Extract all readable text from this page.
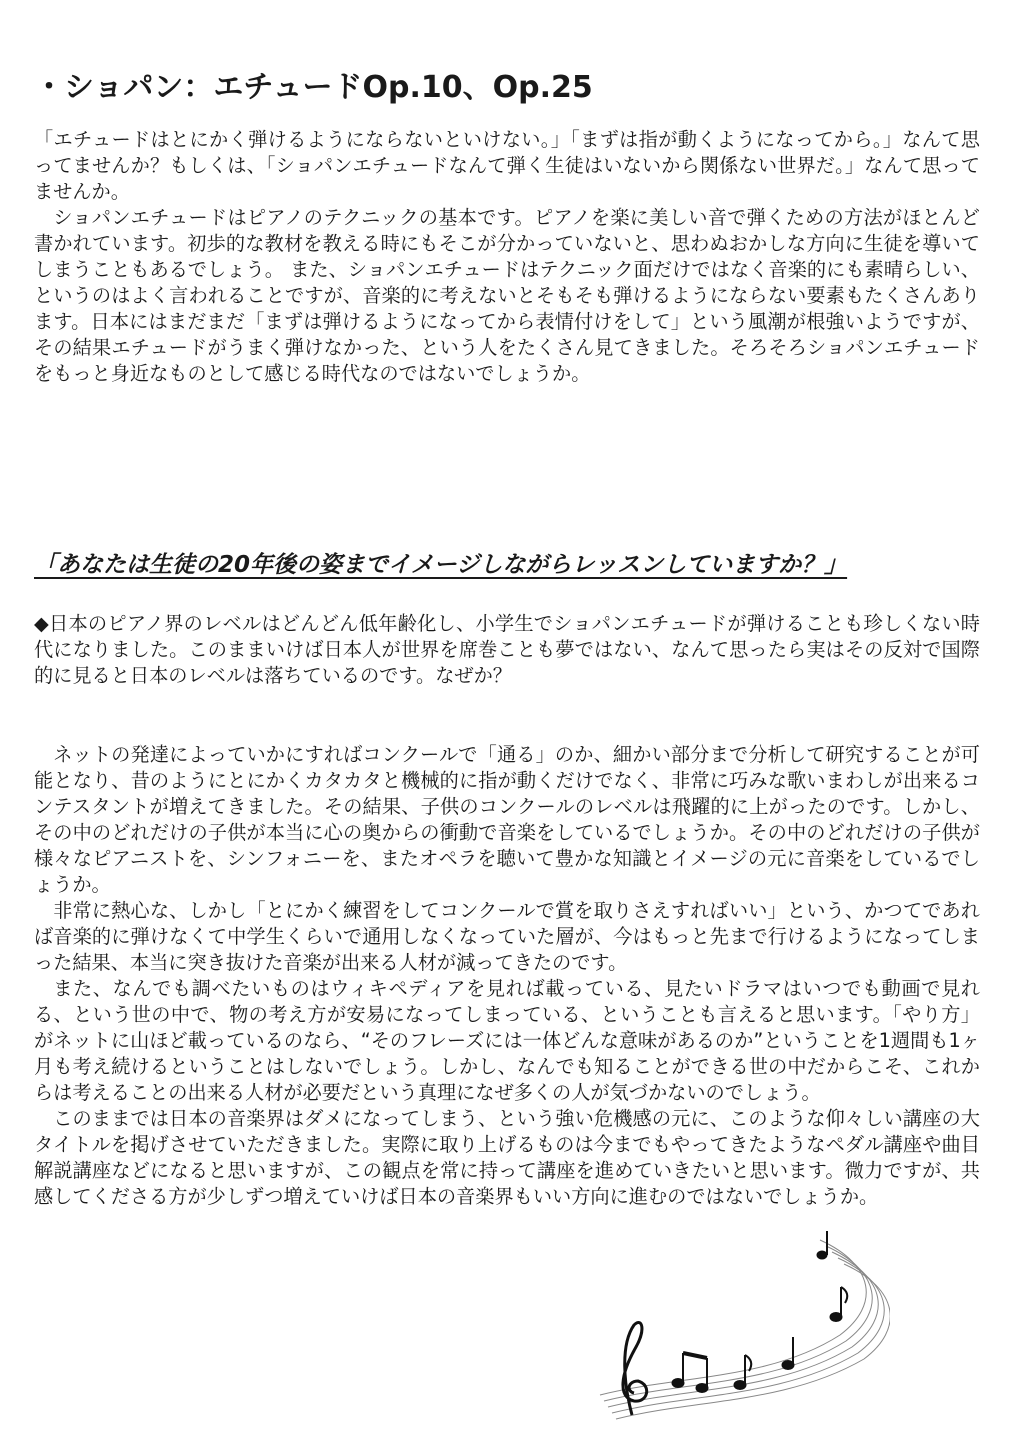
・ショパン：エチュードOp.10、Op.25

「エチュードはとにかく弾けるようにならないといけない。」「まずは指が動くようになってから。」なんて思ってませんか？もしくは、「ショパンエチュードなんて弾く生徒はいないから関係ない世界だ。」なんて思ってませんか。

ショパンエチュードはピアノのテクニックの基本です。ピアノを楽に美しい音で弾くための方法がほとんど書かれています。初歩的な教材を教える時にもそこが分かっていないと、思わぬおかしな方向に生徒を導いてしまうこともあるでしょう。 また、ショパンエチュードはテクニック面だけではなく音楽的にも素晴らしい、というのはよく言われることですが、音楽的に考えないとそもそも弾けるようにならない要素もたくさんあります。日本にはまだまだ「まずは弾けるようになってから表情付けをして」という風潮が根強いようですが、その結果エチュードがうまく弾けなかった、という人をたくさん見てきました。そろそろショパンエチュードをもっと身近なものとして感じる時代なのではないでしょうか。

「あなたは生徒の20年後の姿までイメージしながらレッスンしていますか？」

◆日本のピアノ界のレベルはどんどん低年齢化し、小学生でショパンエチュードが弾けることも珍しくない時代になりました。このままいけば日本人が世界を席巻ことも夢ではない、なんて思ったら実はその反対で国際的に見ると日本のレベルは落ちているのです。なぜか？

ネットの発達によっていかにすればコンクールで「通る」のか、細かい部分まで分析して研究することが可能となり、昔のようにとにかくカタカタと機械的に指が動くだけでなく、非常に巧みな歌いまわしが出来るコンテスタントが増えてきました。その結果、子供のコンクールのレベルは飛躍的に上がったのです。しかし、その中のどれだけの子供が本当に心の奥からの衝動で音楽をしているでしょうか。その中のどれだけの子供が様々なピアニストを、シンフォニーを、またオペラを聴いて豊かな知識とイメージの元に音楽をしているでしょうか。

非常に熱心な、しかし「とにかく練習をしてコンクールで賞を取りさえすればいい」という、かつてであれば音楽的に弾けなくて中学生くらいで通用しなくなっていた層が、今はもっと先まで行けるようになってしまった結果、本当に突き抜けた音楽が出来る人材が減ってきたのです。

また、なんでも調べたいものはウィキペディアを見れば載っている、見たいドラマはいつでも動画で見れる、という世の中で、物の考え方が安易になってしまっている、ということも言えると思います。「やり方」がネットに山ほど載っているのなら、“そのフレーズには一体どんな意味があるのか”ということを1週間も1ヶ月も考え続けるということはしないでしょう。しかし、なんでも知ることができる世の中だからこそ、これからは考えることの出来る人材が必要だという真理になぜ多くの人が気づかないのでしょう。

このままでは日本の音楽界はダメになってしまう、という強い危機感の元に、このような仰々しい講座の大タイトルを掲げさせていただきました。実際に取り上げるものは今までもやってきたようなペダル講座や曲目解説講座などになると思いますが、この観点を常に持って講座を進めていきたいと思います。微力ですが、共感してくださる方が少しずつ増えていけば日本の音楽界もいい方向に進むのではないでしょうか。
